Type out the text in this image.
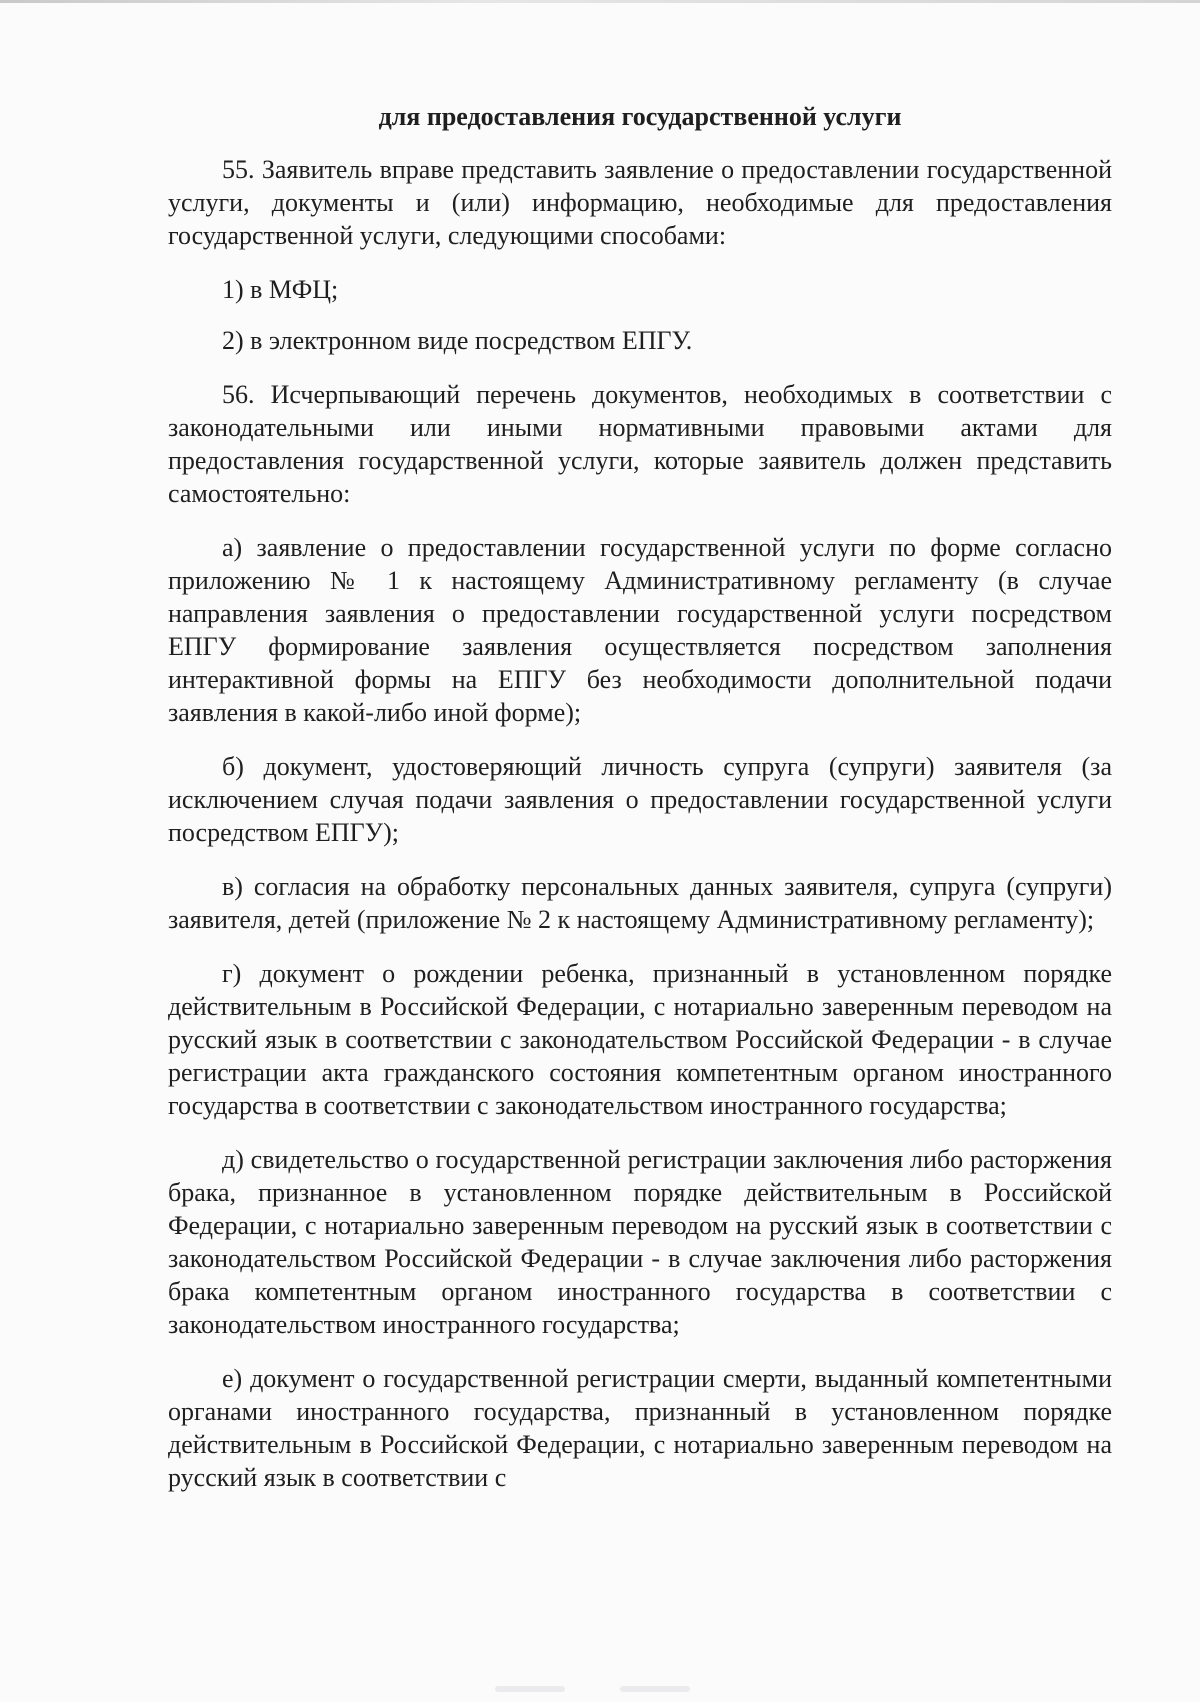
для предоставления государственной услуги

55. Заявитель вправе представить заявление о предоставлении государственной услуги, документы и (или) информацию, необходимые для предоставления государственной услуги, следующими способами:

1) в МФЦ;

2) в электронном виде посредством ЕПГУ.

56. Исчерпывающий перечень документов, необходимых в соответствии с законодательными или иными нормативными правовыми актами для предоставления государственной услуги, которые заявитель должен представить самостоятельно:

а) заявление о предоставлении государственной услуги по форме согласно приложению № 1 к настоящему Административному регламенту (в случае направления заявления о предоставлении государственной услуги посредством ЕПГУ формирование заявления осуществляется посредством заполнения интерактивной формы на ЕПГУ без необходимости дополнительной подачи заявления в какой-либо иной форме);

б) документ, удостоверяющий личность супруга (супруги) заявителя (за исключением случая подачи заявления о предоставлении государственной услуги посредством ЕПГУ);

в) согласия на обработку персональных данных заявителя, супруга (супруги) заявителя, детей (приложение № 2 к настоящему Административному регламенту);

г) документ о рождении ребенка, признанный в установленном порядке действительным в Российской Федерации, с нотариально заверенным переводом на русский язык в соответствии с законодательством Российской Федерации - в случае регистрации акта гражданского состояния компетентным органом иностранного государства в соответствии с законодательством иностранного государства;

д) свидетельство о государственной регистрации заключения либо расторжения брака, признанное в установленном порядке действительным в Российской Федерации, с нотариально заверенным переводом на русский язык в соответствии с законодательством Российской Федерации - в случае заключения либо расторжения брака компетентным органом иностранного государства в соответствии с законодательством иностранного государства;

е) документ о государственной регистрации смерти, выданный компетентными органами иностранного государства, признанный в установленном порядке действительным в Российской Федерации, с нотариально заверенным переводом на русский язык в соответствии с
